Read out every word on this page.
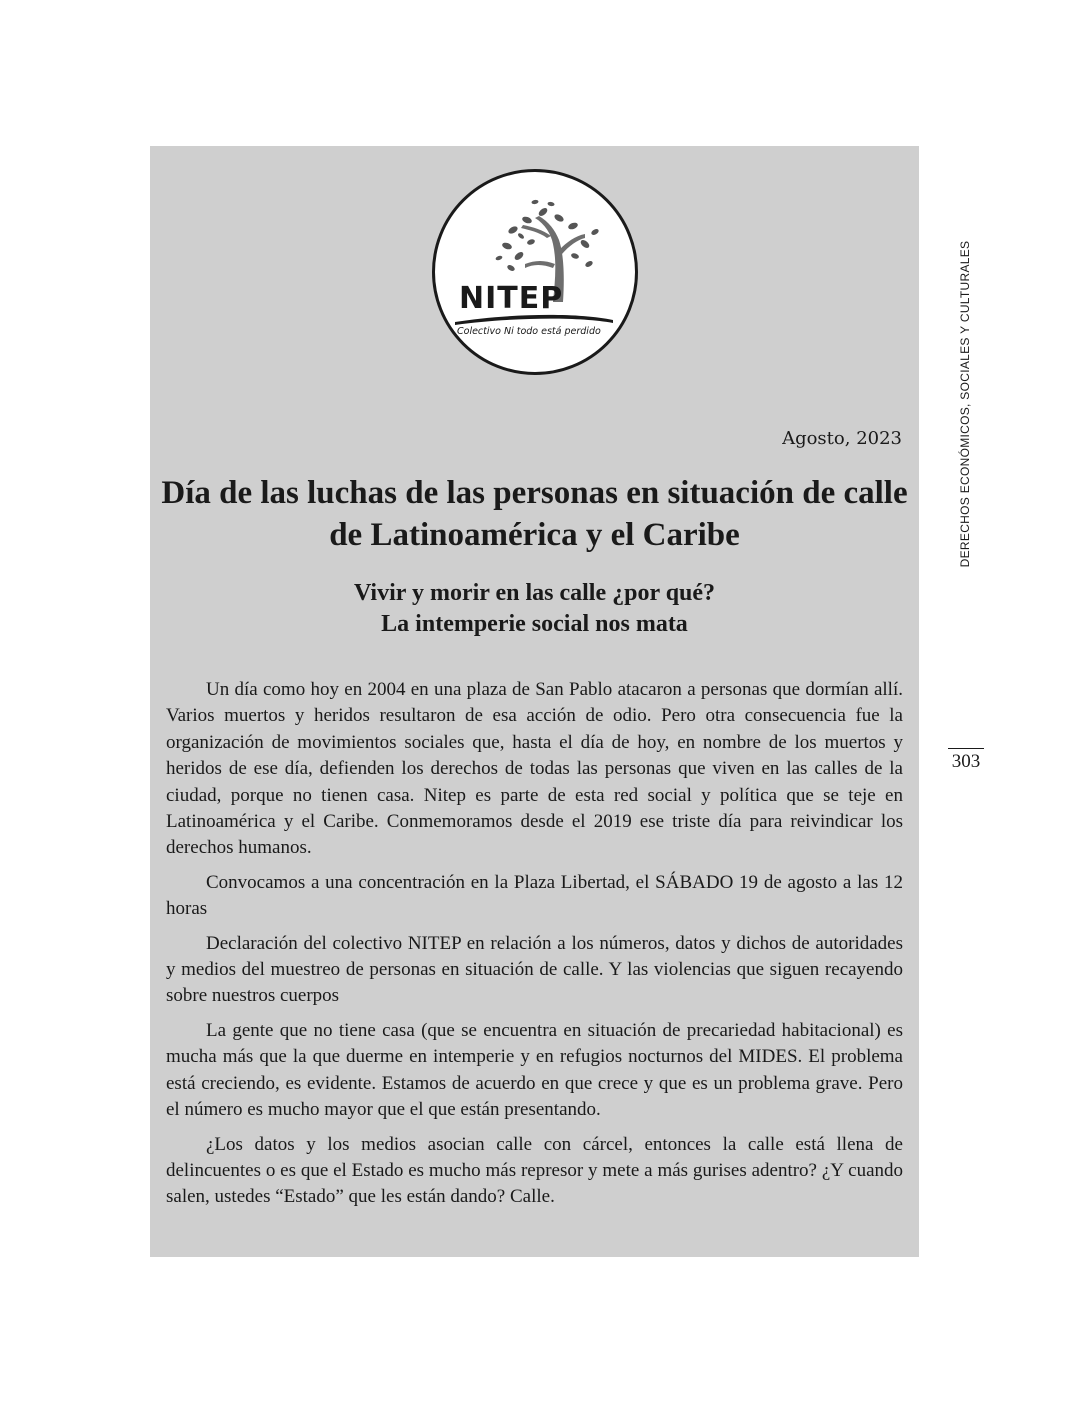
NITEP
Colectivo Ni todo está perdido
Agosto, 2023
Día de las luchas de las personas en situación de calle
de Latinoamérica y el Caribe
Vivir y morir en las calle ¿por qué?
La intemperie social nos mata

Un día como hoy en 2004 en una plaza de San Pablo atacaron a personas que dormían allí. Varios muertos y heridos resultaron de esa acción de odio. Pero otra consecuencia fue la organización de movimientos sociales que, hasta el día de hoy, en nombre de los muertos y heridos de ese día, defienden los derechos de todas las personas que viven en las calles de la ciudad, porque no tienen casa. Nitep es parte de esta red social y política que se teje en Latinoamérica y el Caribe. Conmemoramos desde el 2019 ese triste día para reivindicar los derechos humanos.

Convocamos a una concentración en la Plaza Libertad, el SÁBADO 19 de agosto a las 12 horas

Declaración del colectivo NITEP en relación a los números, datos y dichos de autoridades y medios del muestreo de personas en situación de calle. Y las violencias que siguen recayendo sobre nuestros cuerpos

La gente que no tiene casa (que se encuentra en situación de precariedad habitacional) es mucha más que la que duerme en intemperie y en refugios nocturnos del MIDES. El problema está creciendo, es evidente. Estamos de acuerdo en que crece y que es un problema grave. Pero el número es mucho mayor que el que están presentando.

¿Los datos y los medios asocian calle con cárcel, entonces la calle está llena de delincuentes o es que el Estado es mucho más represor y mete a más gurises adentro? ¿Y cuando salen, ustedes “Estado” que les están dando? Calle.

DERECHOS ECONÓMICOS, SOCIALES Y CULTURALES
303
